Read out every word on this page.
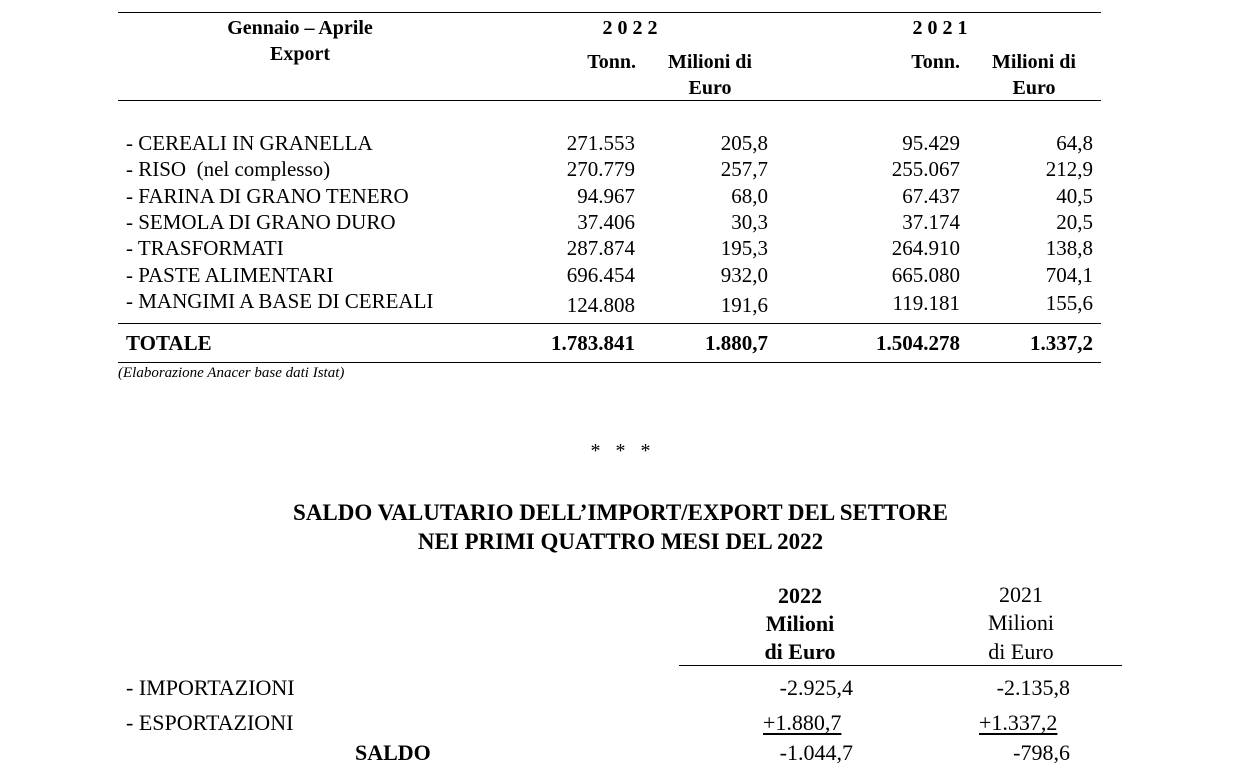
Gennaio – Aprile
Export
2 0 2 2	2 0 2 1
Tonn.	Milioni di
Euro
Tonn.	Milioni di
Euro
- CEREALI IN GRANELLA	271.553	205,8	95.429	64,8
- RISO  (nel complesso)	270.779	257,7	255.067	212,9
- FARINA DI GRANO TENERO	94.967	68,0	67.437	40,5
- SEMOLA DI GRANO DURO	37.406	30,3	37.174	20,5
- TRASFORMATI	287.874	195,3	264.910	138,8
- PASTE ALIMENTARI	696.454	932,0	665.080	704,1
- MANGIMI A BASE DI CEREALI	124.808	191,6	119.181	155,6
TOTALE	1.783.841	1.880,7	1.504.278	1.337,2
(Elaborazione Anacer base dati Istat)
*   *   *
SALDO VALUTARIO DELL’IMPORT/EXPORT DEL SETTORE
NEI PRIMI QUATTRO MESI DEL 2022
2022
Milioni
di Euro
2021
Milioni
di Euro
- IMPORTAZIONI	-2.925,4	-2.135,8
- ESPORTAZIONI	+1.880,7	+1.337,2
SALDO	-1.044,7	-798,6
